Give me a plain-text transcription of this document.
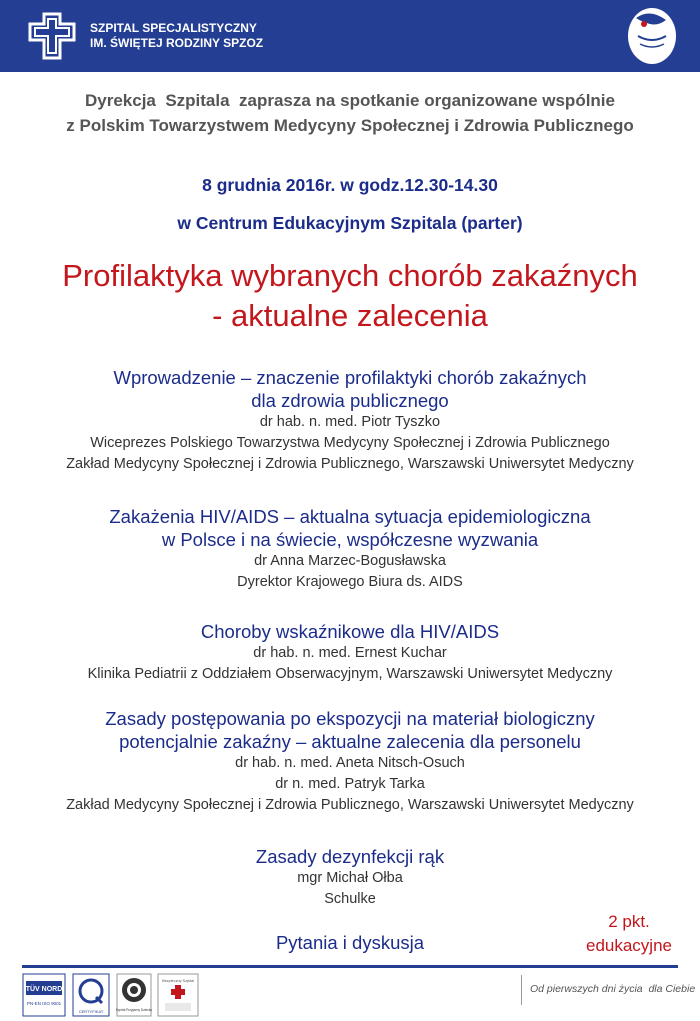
SZPITAL SPECJALISTYCZNY
IM. ŚWIĘTEJ RODZINY SPZOZ
Dyrekcja  Szpitala  zaprasza na spotkanie organizowane wspólnie
z Polskim Towarzystwem Medycyny Społecznej i Zdrowia Publicznego
8 grudnia 2016r. w godz.12.30-14.30
w Centrum Edukacyjnym Szpitala (parter)
Profilaktyka wybranych chorób zakaźnych
- aktualne zalecenia
Wprowadzenie – znaczenie profilaktyki chorób zakaźnych
dla zdrowia publicznego
dr hab. n. med. Piotr Tyszko
Wiceprezes Polskiego Towarzystwa Medycyny Społecznej i Zdrowia Publicznego
Zakład Medycyny Społecznej i Zdrowia Publicznego, Warszawski Uniwersytet Medyczny
Zakażenia HIV/AIDS – aktualna sytuacja epidemiologiczna
w Polsce i na świecie, współczesne wyzwania
dr Anna Marzec-Bogusławska
Dyrektor Krajowego Biura ds. AIDS
Choroby wskaźnikowe dla HIV/AIDS
dr hab. n. med. Ernest Kuchar
Klinika Pediatrii z Oddziałem Obserwacyjnym, Warszawski Uniwersytet Medyczny
Zasady postępowania po ekspozycji na materiał biologiczny
potencjalnie zakaźny – aktualne zalecenia dla personelu
dr hab. n. med. Aneta Nitsch-Osuch
dr n. med. Patryk Tarka
Zakład Medycyny Społecznej i Zdrowia Publicznego, Warszawski Uniwersytet Medyczny
Zasady dezynfekcji rąk
mgr Michał Ołba
Schulke
Pytania i dyskusja
2 pkt.
edukacyjne
TÜV NORD
PN-EN ISO 9001
CERTYFIKAT	Szpital Przyjazny Dziecku
Bezpieczny Szpital
Od pierwszych dni życia  dla Ciebie
